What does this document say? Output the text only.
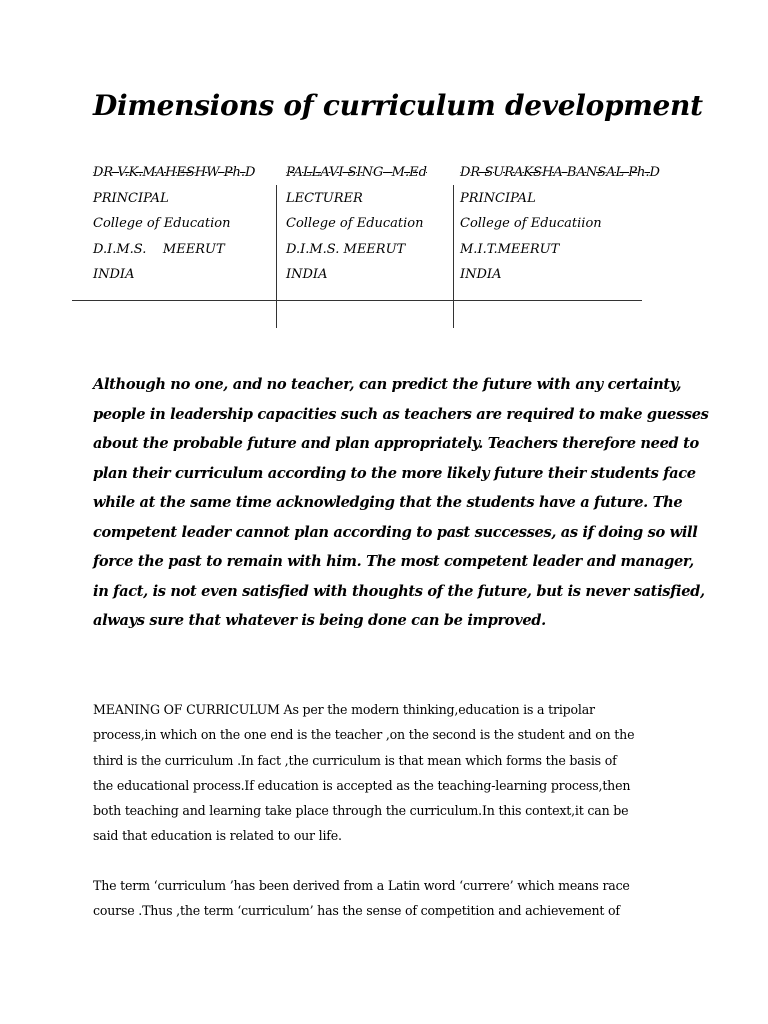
Dimensions of curriculum development
DR V.K.MAHESHW Ph.D
PRINCIPAL
College of Education
D.I.M.S.    MEERUT
INDIA
PALLAVI SING  M.Ed
LECTURER
College of Education
D.I.M.S. MEERUT
INDIA
DR SURAKSHA BANSAL Ph.D
PRINCIPAL
College of Educatiion
M.I.T.MEERUT
INDIA

Although no one, and no teacher, can predict the future with any certainty,
people in leadership capacities such as teachers are required to make guesses
about the probable future and plan appropriately. Teachers therefore need to
plan their curriculum according to the more likely future their students face
while at the same time acknowledging that the students have a future. The
competent leader cannot plan according to past successes, as if doing so will
force the past to remain with him. The most competent leader and manager,
in fact, is not even satisfied with thoughts of the future, but is never satisfied,
always sure that whatever is being done can be improved.

MEANING OF CURRICULUM As per the modern thinking,education is a tripolar
process,in which on the one end is the teacher ,on the second is the student and on the
third is the curriculum .In fact ,the curriculum is that mean which forms the basis of
the educational process.If education is accepted as the teaching-learning process,then
both teaching and learning take place through the curriculum.In this context,it can be
said that education is related to our life.

The term ‘curriculum ’has been derived from a Latin word ‘currere’ which means race
course .Thus ,the term ‘curriculum’ has the sense of competition and achievement of
